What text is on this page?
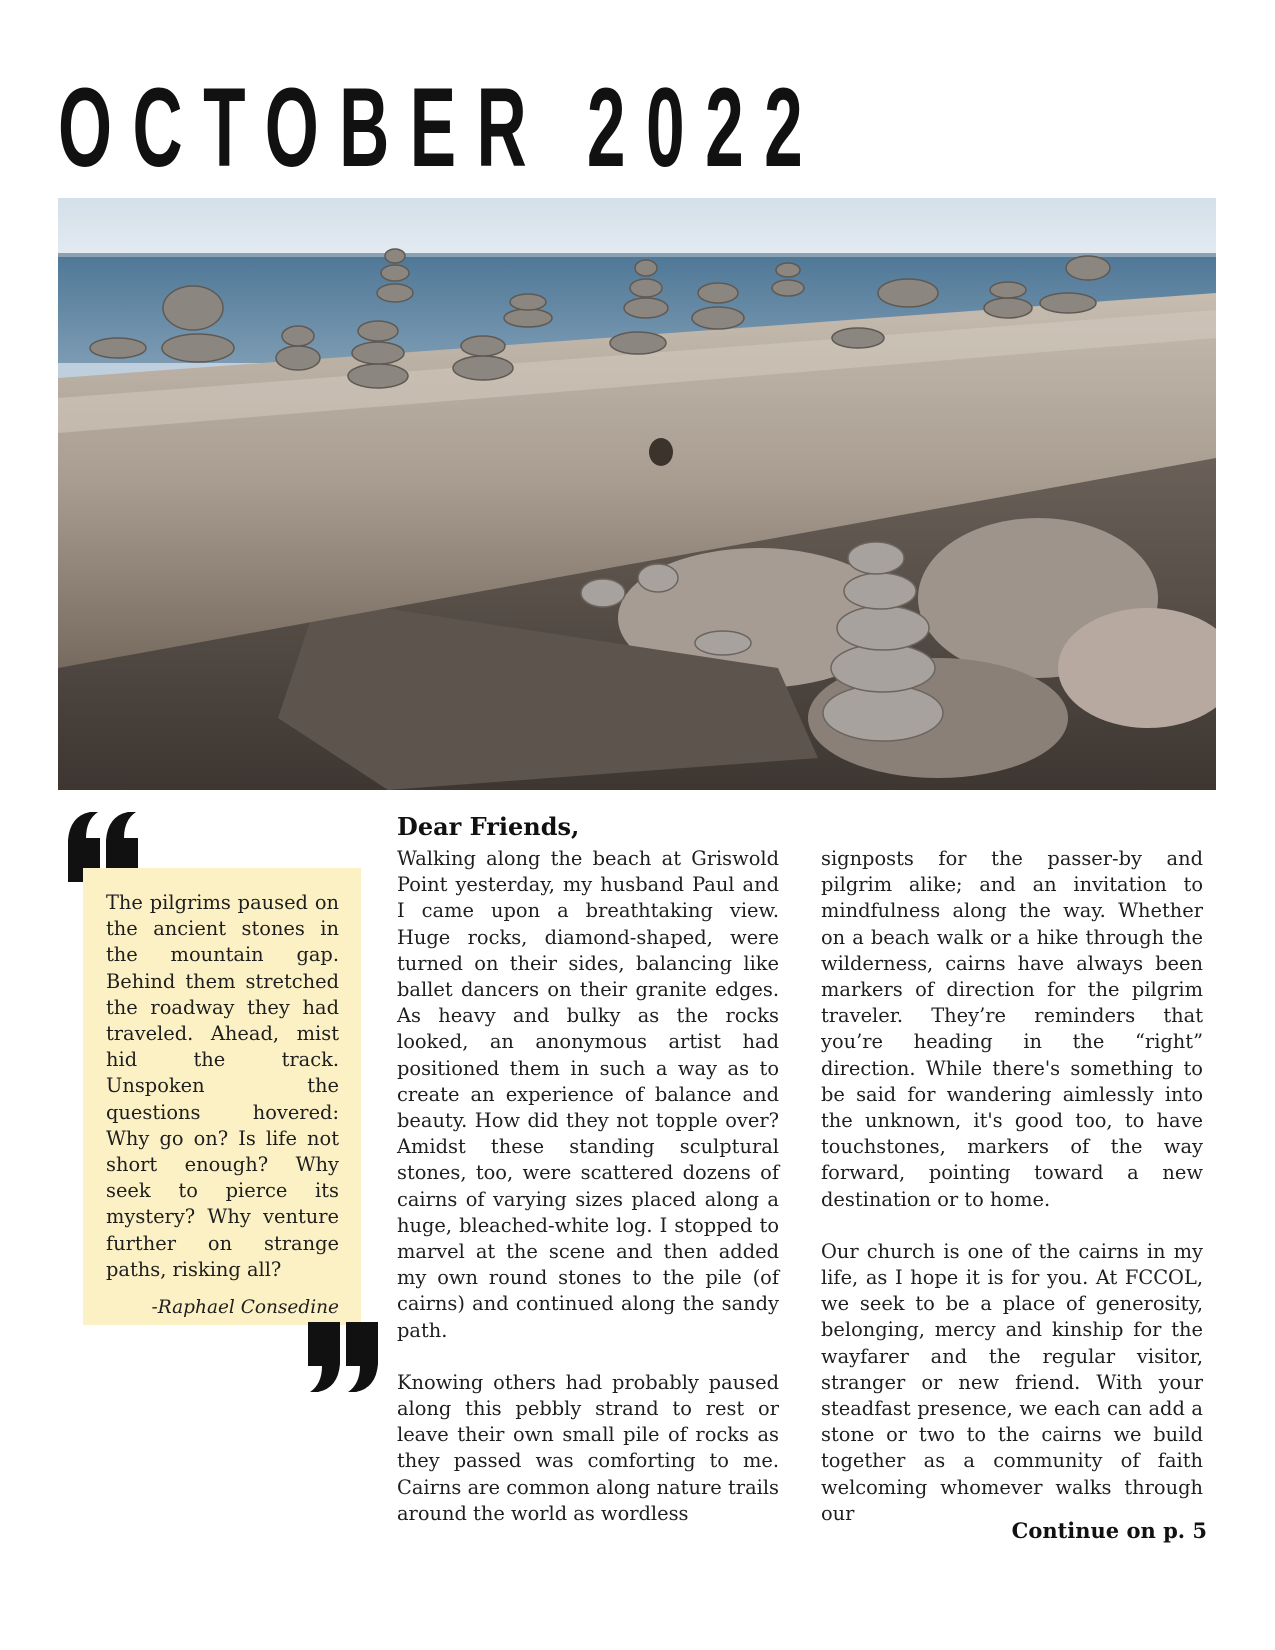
OCTOBER 2022

The pilgrims paused on the ancient stones in the mountain gap. Behind them stretched the roadway they had traveled. Ahead, mist hid the track. Unspoken the questions hovered: Why go on? Is life not short enough? Why seek to pierce its mystery? Why venture further on strange paths, risking all?

-Raphael Consedine

Dear Friends,

Walking along the beach at Griswold Point yesterday, my husband Paul and I came upon a breathtaking view. Huge rocks, diamond-shaped, were turned on their sides, balancing like ballet dancers on their granite edges. As heavy and bulky as the rocks looked, an anonymous artist had positioned them in such a way as to create an experience of balance and beauty. How did they not topple over? Amidst these standing sculptural stones, too, were scattered dozens of cairns of varying sizes placed along a huge, bleached-white log. I stopped to marvel at the scene and then added my own round stones to the pile (of cairns) and continued along the sandy path.

Knowing others had probably paused along this pebbly strand to rest or leave their own small pile of rocks as they passed was comforting to me. Cairns are common along nature trails around the world as wordless

signposts for the passer-by and pilgrim alike; and an invitation to mindfulness along the way. Whether on a beach walk or a hike through the wilderness, cairns have always been markers of direction for the pilgrim traveler. They’re reminders that you’re heading in the “right” direction. While there's something to be said for wandering aimlessly into the unknown, it's good too, to have touchstones, markers of the way forward, pointing toward a new destination or to home.

Our church is one of the cairns in my life, as I hope it is for you. At FCCOL, we seek to be a place of generosity, belonging, mercy and kinship for the wayfarer and the regular visitor, stranger or new friend. With your steadfast presence, we each can add a stone or two to the cairns we build together as a community of faith welcoming whomever walks through our

Continue on p. 5
